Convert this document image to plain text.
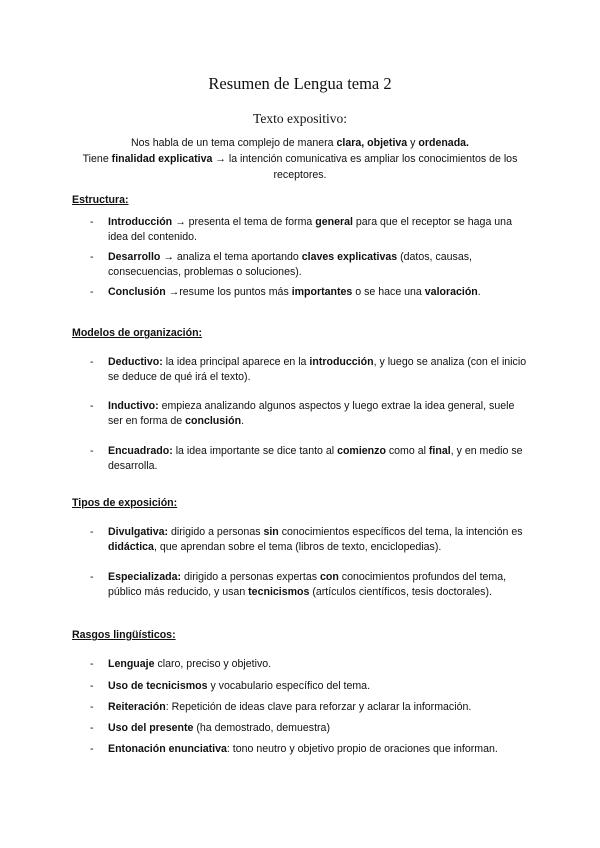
Resumen de Lengua tema 2
Texto expositivo:
Nos habla de un tema complejo de manera clara, objetiva y ordenada.
Tiene finalidad explicativa → la intención comunicativa es ampliar los conocimientos de los receptores.
Estructura:
-	Introducción → presenta el tema de forma general para que el receptor se haga una idea del contenido.
-	Desarrollo → analiza el tema aportando claves explicativas (datos, causas, consecuencias, problemas o soluciones).
-	Conclusión →resume los puntos más importantes o se hace una valoración.
Modelos de organización:
-	Deductivo: la idea principal aparece en la introducción, y luego se analiza (con el inicio se deduce de qué irá el texto).
-	Inductivo: empieza analizando algunos aspectos y luego extrae la idea general, suele ser en forma de conclusión.
-	Encuadrado: la idea importante se dice tanto al comienzo como al final, y en medio se desarrolla.
Tipos de exposición:
-	Divulgativa: dirigido a personas sin conocimientos específicos del tema, la intención es didáctica, que aprendan sobre el tema (libros de texto, enciclopedias).
-	Especializada: dirigido a personas expertas con conocimientos profundos del tema, público más reducido, y usan tecnicismos (artículos científicos, tesis doctorales).
Rasgos lingüísticos:
-	Lenguaje claro, preciso y objetivo.
-	Uso de tecnicismos y vocabulario específico del tema.
-	Reiteración: Repetición de ideas clave para reforzar y aclarar la información.
-	Uso del presente (ha demostrado, demuestra)
-	Entonación enunciativa: tono neutro y objetivo propio de oraciones que informan.
